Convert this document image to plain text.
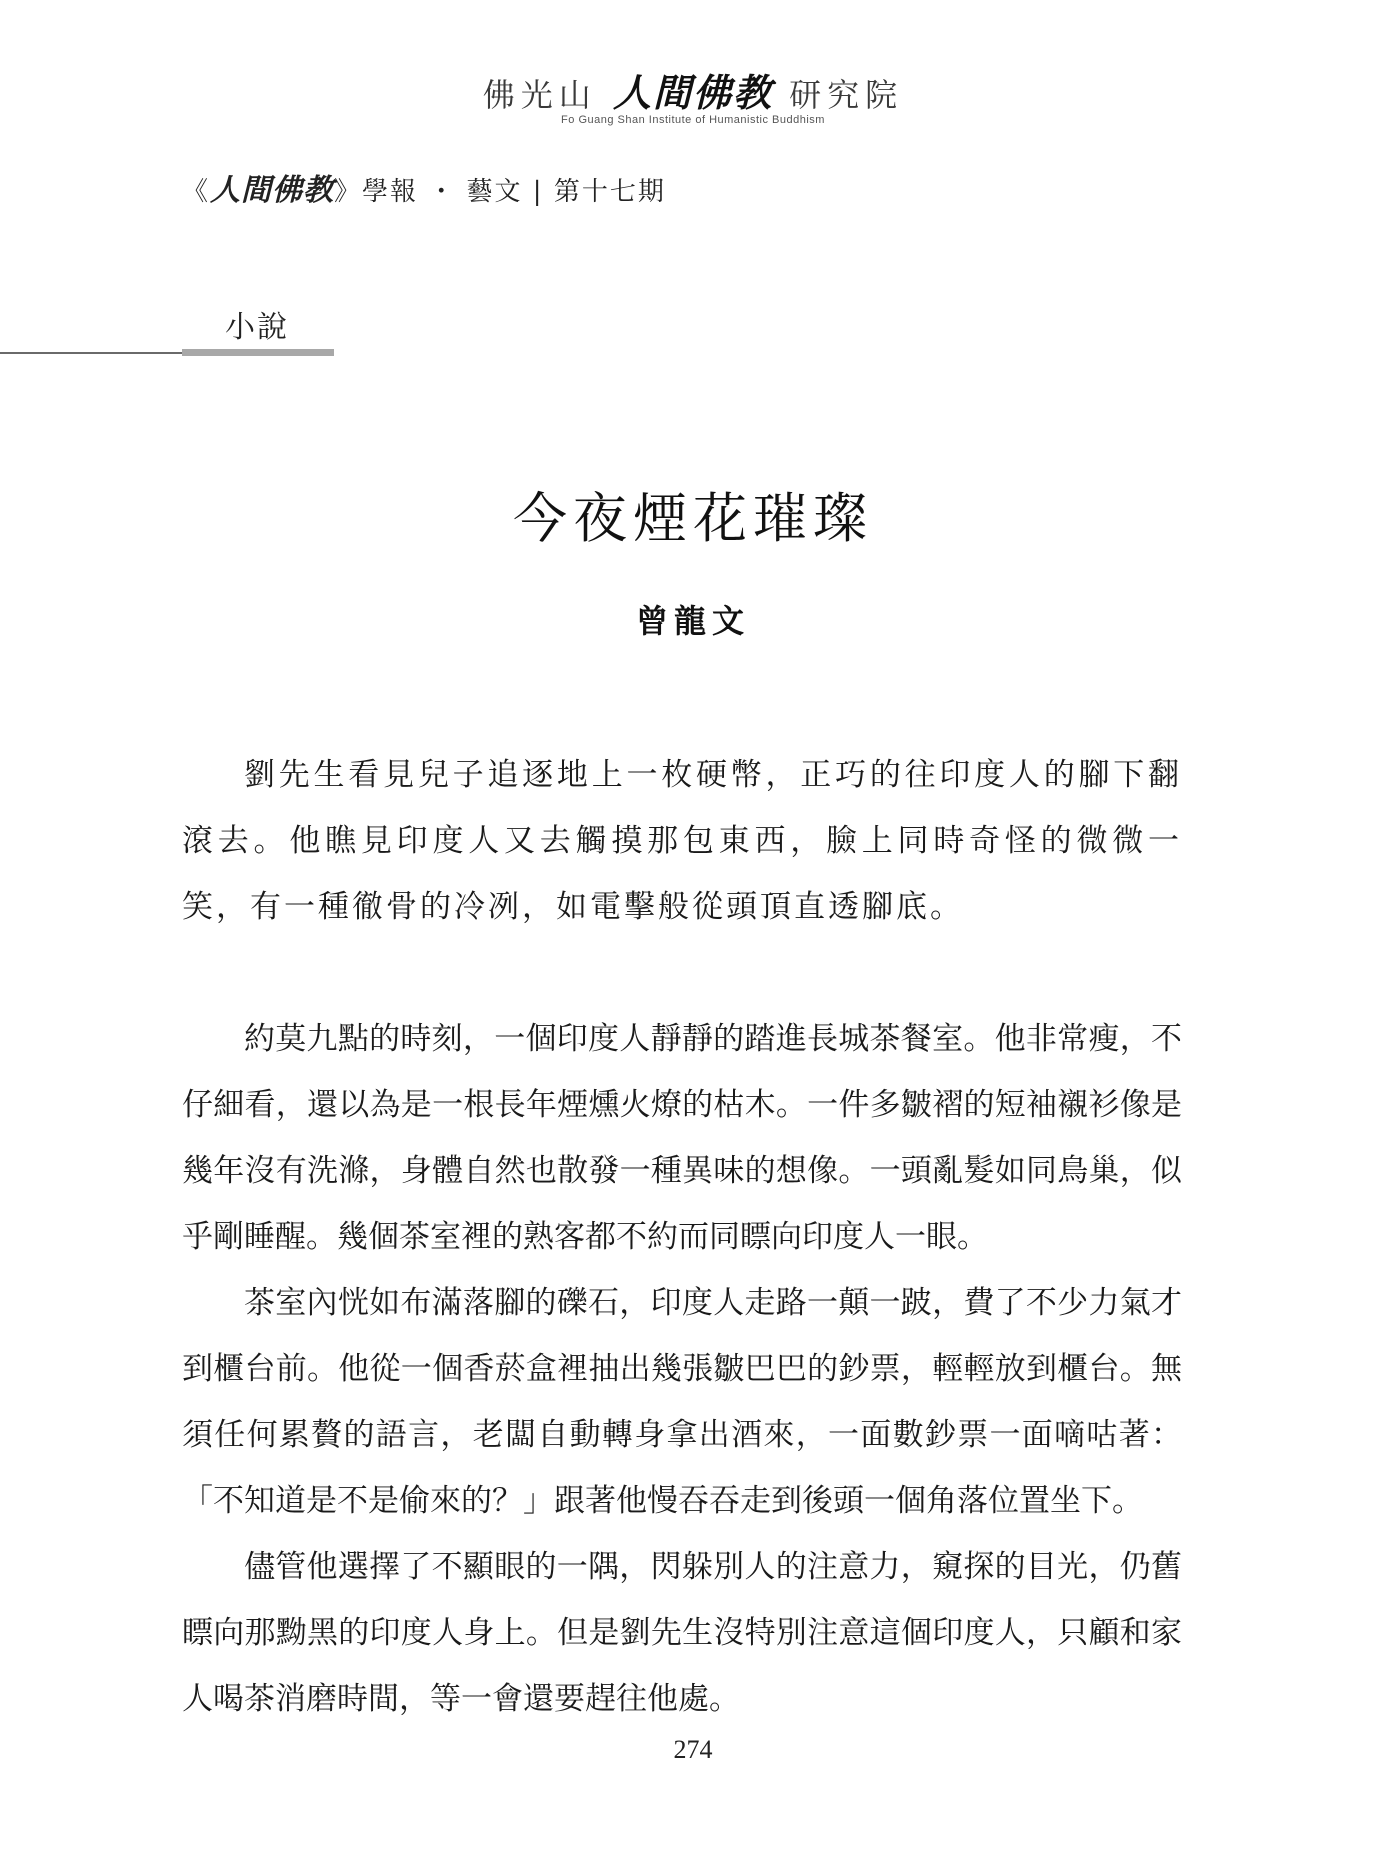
佛光山 人間佛教 研究院
Fo Guang Shan Institute of Humanistic Buddhism
《人間佛教》學報 ・ 藝文 | 第十七期
小說
今夜煙花璀璨
曾龍文

劉先生看見兒子追逐地上一枚硬幣，正巧的往印度人的腳下翻滾去。他瞧見印度人又去觸摸那包東西，臉上同時奇怪的微微一笑，有一種徹骨的冷冽，如電擊般從頭頂直透腳底。

約莫九點的時刻，一個印度人靜靜的踏進長城茶餐室。他非常瘦，不仔細看，還以為是一根長年煙燻火燎的枯木。一件多皺褶的短袖襯衫像是幾年沒有洗滌，身體自然也散發一種異味的想像。一頭亂髮如同鳥巢，似乎剛睡醒。幾個茶室裡的熟客都不約而同瞟向印度人一眼。

茶室內恍如布滿落腳的礫石，印度人走路一顛一跛，費了不少力氣才到櫃台前。他從一個香菸盒裡抽出幾張皺巴巴的鈔票，輕輕放到櫃台。無須任何累贅的語言，老闆自動轉身拿出酒來，一面數鈔票一面嘀咕著：「不知道是不是偷來的？」跟著他慢吞吞走到後頭一個角落位置坐下。

儘管他選擇了不顯眼的一隅，閃躲別人的注意力，窺探的目光，仍舊瞟向那黝黑的印度人身上。但是劉先生沒特別注意這個印度人，只顧和家人喝茶消磨時間，等一會還要趕往他處。

274
